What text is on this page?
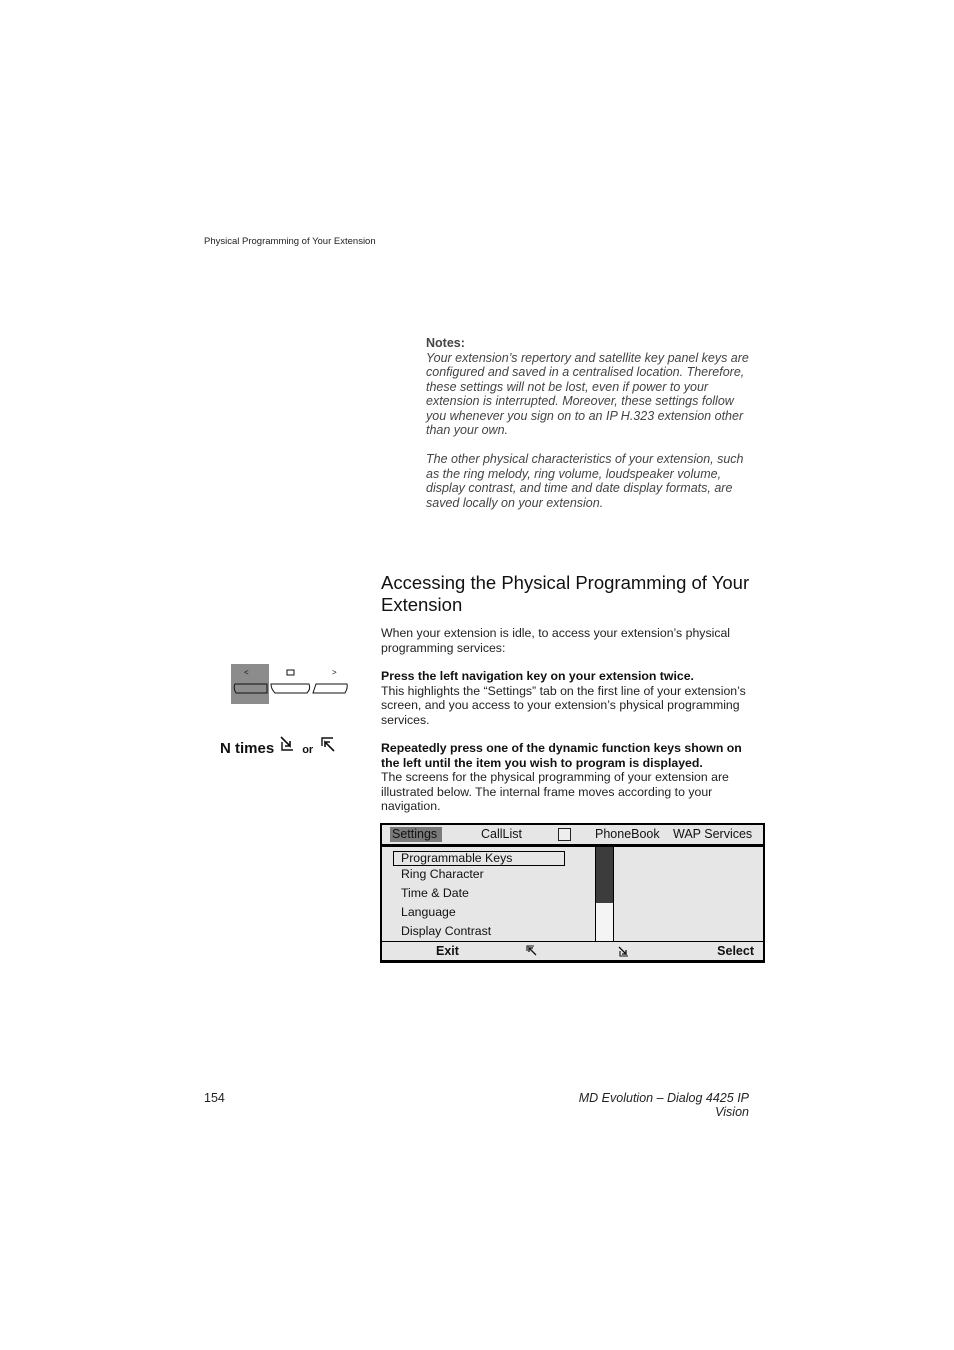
Physical Programming of Your Extension
Notes:

Your extension’s repertory and satellite key panel keys are configured and saved in a centralised location. Therefore, these settings will not be lost, even if power to your extension is interrupted. Moreover, these settings follow you whenever you sign on to an IP H.323 extension other than your own.

The other physical characteristics of your extension, such as the ring melody, ring volume, loudspeaker volume, display contrast, and time and date display formats, are saved locally on your extension.

Accessing the Physical Programming of Your Extension

When your extension is idle, to access your extension’s physical programming services:

<	>
N times	or
Press the left navigation key on your extension twice.
This highlights the “Settings” tab on the first line of your extension’s screen, and you access to your extension’s physical programming services.
Repeatedly press one of the dynamic function keys shown on the left until the item you wish to program is displayed.
The screens for the physical programming of your extension are illustrated below. The internal frame moves according to your navigation.
Settings	CallList	PhoneBook WAP Services
Programmable Keys
Ring Character
Time & Date
Language
Display Contrast
Exit	Select
154	MD Evolution – Dialog 4425 IP Vision
